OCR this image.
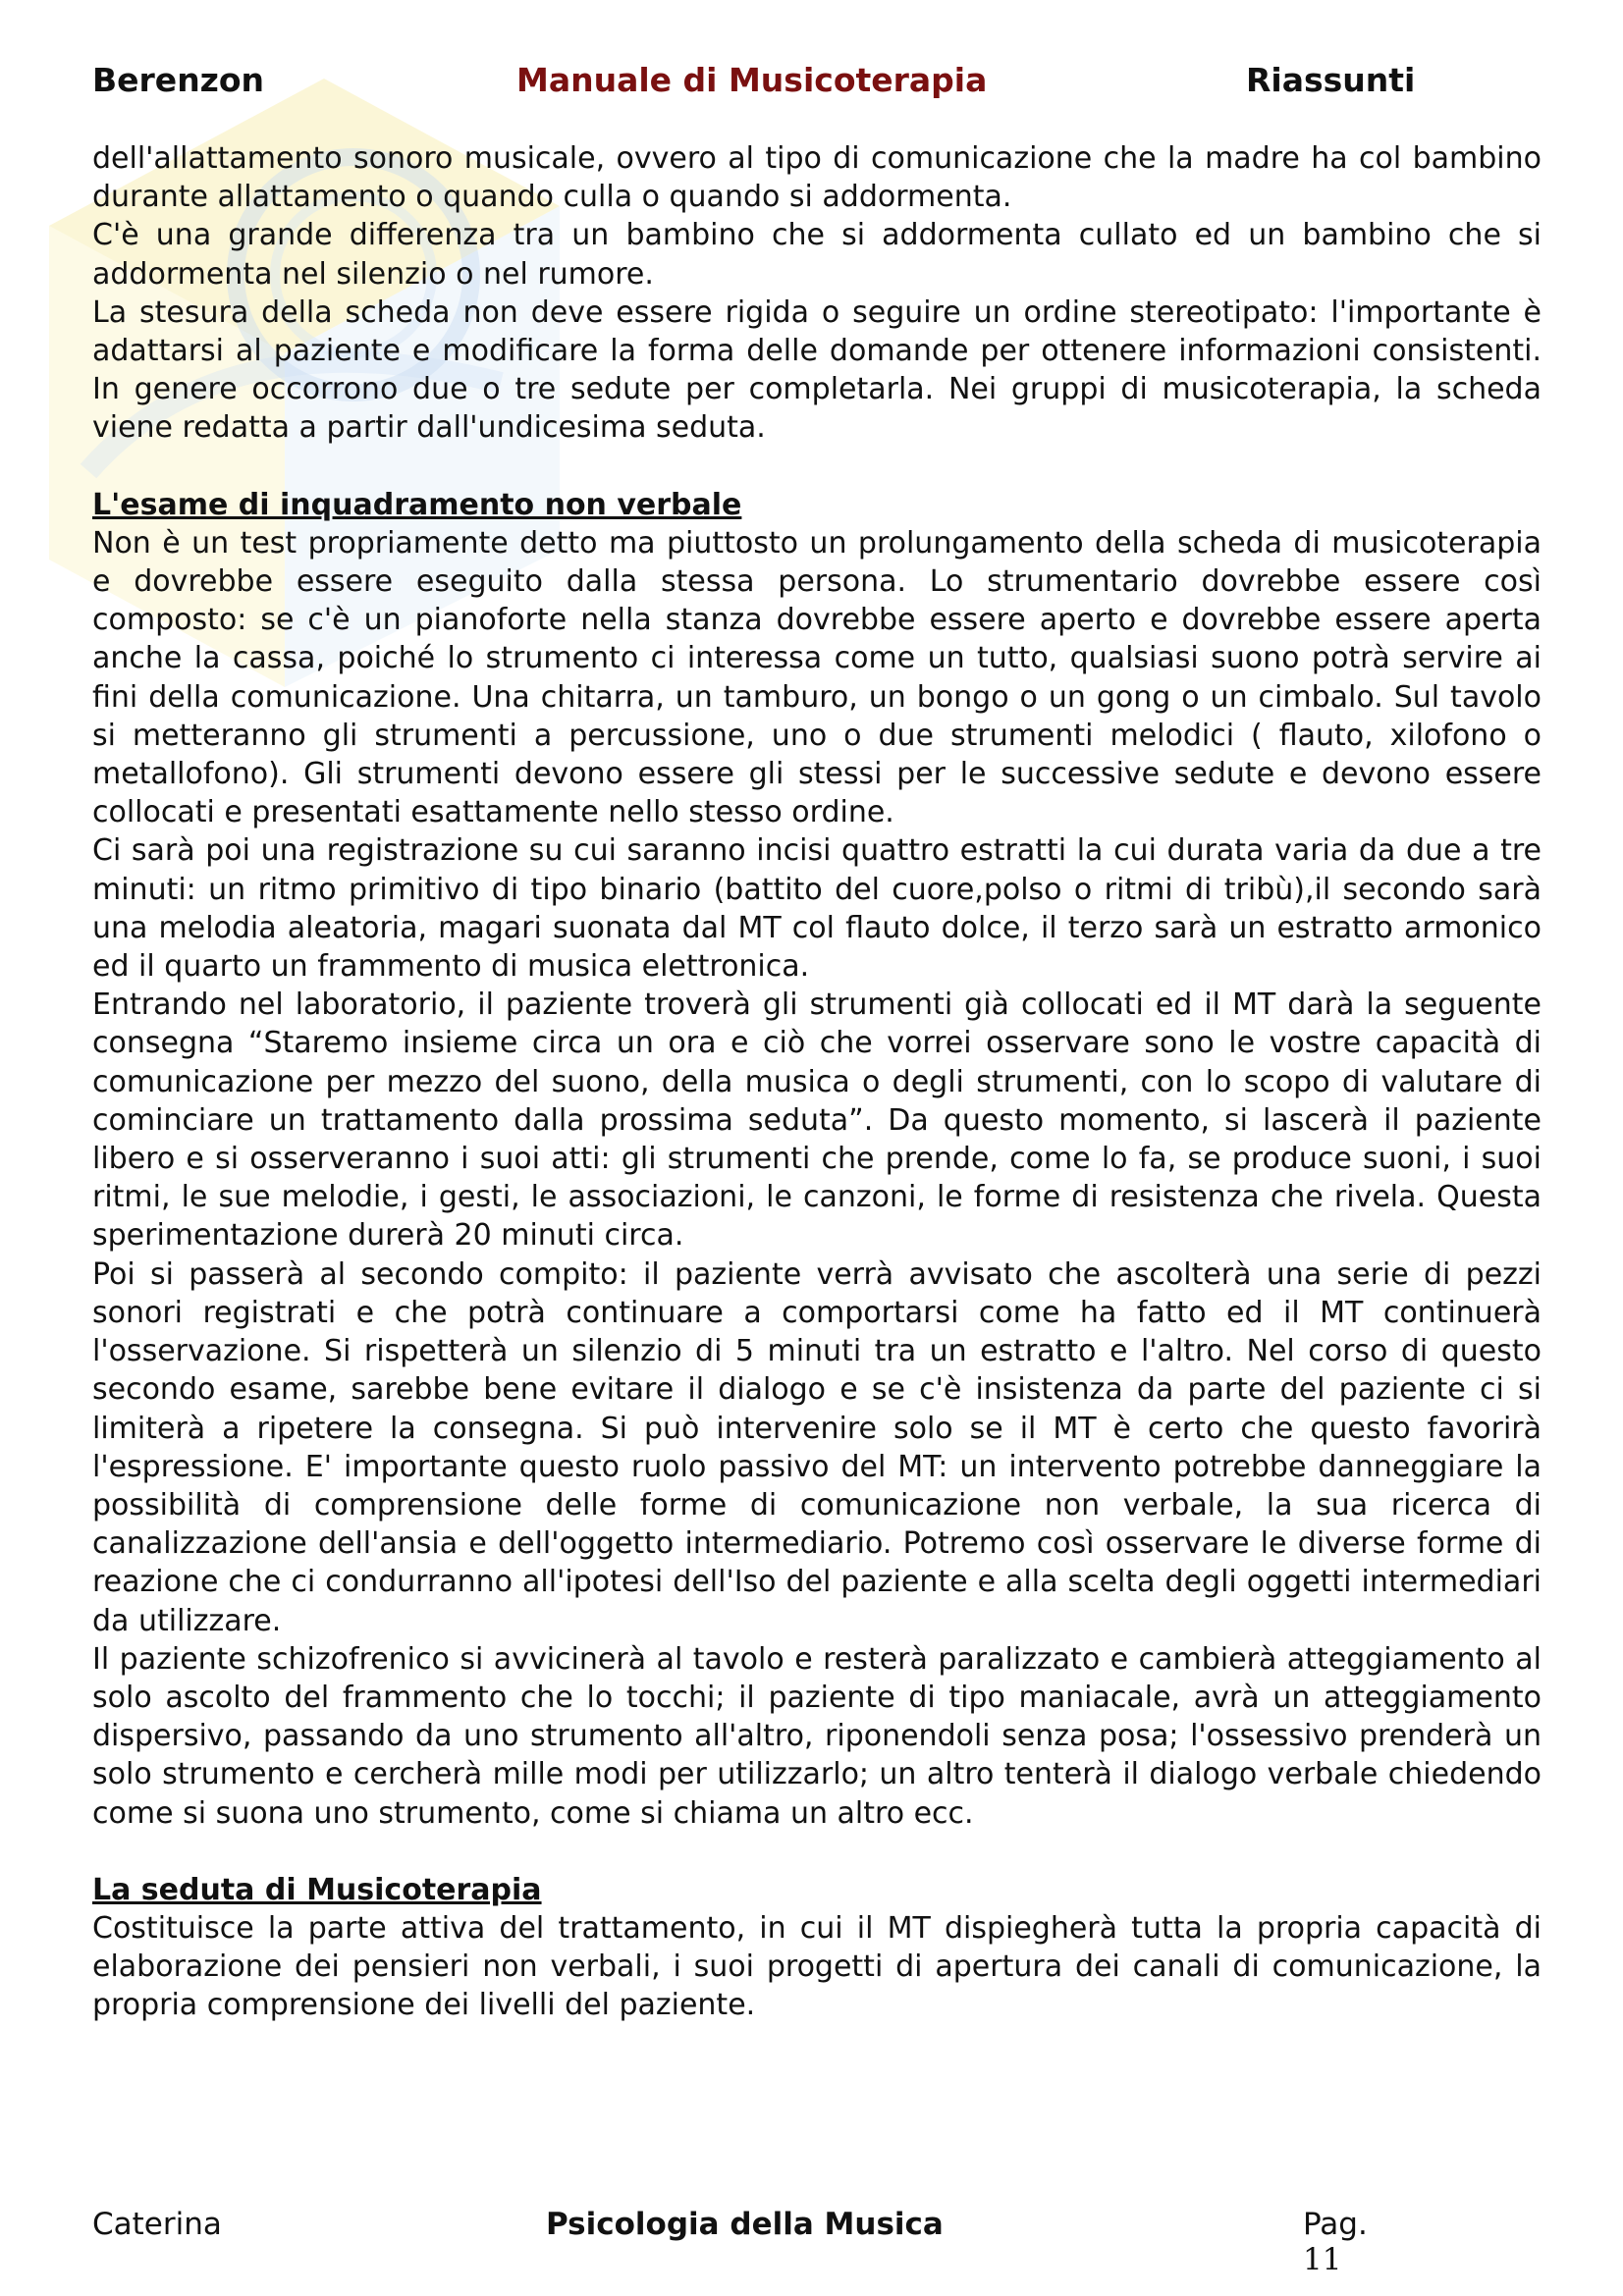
Berenzon	Manuale di Musicoterapia	Riassunti

dell'allattamento sonoro musicale, ovvero al tipo di comunicazione che la madre ha col bambino durante allattamento o quando culla o quando si addormenta.

C'è una grande differenza tra un bambino che si addormenta cullato ed un bambino che si addormenta nel silenzio o nel rumore.

La stesura della scheda non deve essere rigida o seguire un ordine stereotipato: l'importante è adattarsi al paziente e modificare la forma delle domande per ottenere informazioni consistenti. In genere occorrono due o tre sedute per completarla. Nei gruppi di musicoterapia, la scheda viene redatta a partir dall'undicesima seduta.

L'esame di inquadramento non verbale

Non è un test propriamente detto ma piuttosto un prolungamento della scheda di musicoterapia e dovrebbe essere eseguito dalla stessa persona. Lo strumentario dovrebbe essere così composto: se c'è un pianoforte nella stanza dovrebbe essere aperto e dovrebbe essere aperta anche la cassa, poiché lo strumento ci interessa come un tutto, qualsiasi suono potrà servire ai fini della comunicazione. Una chitarra, un tamburo, un bongo o un gong o un cimbalo. Sul tavolo si metteranno gli strumenti a percussione, uno o due strumenti melodici ( flauto, xilofono o metallofono). Gli strumenti devono essere gli stessi per le successive sedute e devono essere collocati e presentati esattamente nello stesso ordine.

Ci sarà poi una registrazione su cui saranno incisi quattro estratti la cui durata varia da due a tre minuti: un ritmo primitivo di tipo binario (battito del cuore,polso o ritmi di tribù),il secondo sarà una melodia aleatoria, magari suonata dal MT col flauto dolce, il terzo sarà un estratto armonico ed il quarto un frammento di musica elettronica.

Entrando nel laboratorio, il paziente troverà gli strumenti già collocati ed il MT darà la seguente consegna “Staremo insieme circa un ora e ciò che vorrei osservare sono le vostre capacità di comunicazione per mezzo del suono, della musica o degli strumenti, con lo scopo di valutare di cominciare un trattamento dalla prossima seduta”. Da questo momento, si lascerà il paziente libero e si osserveranno i suoi atti: gli strumenti che prende, come lo fa, se produce suoni, i suoi ritmi, le sue melodie, i gesti, le associazioni, le canzoni, le forme di resistenza che rivela. Questa sperimentazione durerà 20 minuti circa.

Poi si passerà al secondo compito: il paziente verrà avvisato che ascolterà una serie di pezzi sonori registrati e che potrà continuare a comportarsi come ha fatto ed il MT continuerà l'osservazione. Si rispetterà un silenzio di 5 minuti tra un estratto e l'altro. Nel corso di questo secondo esame, sarebbe bene evitare il dialogo e se c'è insistenza da parte del paziente ci si limiterà a ripetere la consegna. Si può intervenire solo se il MT è certo che questo favorirà l'espressione. E' importante questo ruolo passivo del MT: un intervento potrebbe danneggiare la possibilità di comprensione delle forme di comunicazione non verbale, la sua ricerca di canalizzazione dell'ansia e dell'oggetto intermediario. Potremo così osservare le diverse forme di reazione che ci condurranno all'ipotesi dell'Iso del paziente e alla scelta degli oggetti intermediari da utilizzare.

Il paziente schizofrenico si avvicinerà al tavolo e resterà paralizzato e cambierà atteggiamento al solo ascolto del frammento che lo tocchi; il paziente di tipo maniacale, avrà un atteggiamento dispersivo, passando da uno strumento all'altro, riponendoli senza posa; l'ossessivo prenderà un solo strumento e cercherà mille modi per utilizzarlo; un altro tenterà il dialogo verbale chiedendo come si suona uno strumento, come si chiama un altro ecc.

La seduta di Musicoterapia

Costituisce la parte attiva del trattamento, in cui il MT dispiegherà tutta la propria capacità di elaborazione dei pensieri non verbali, i suoi progetti di apertura dei canali di comunicazione, la propria comprensione dei livelli del paziente.

Caterina	Psicologia della Musica	Pag. 11
